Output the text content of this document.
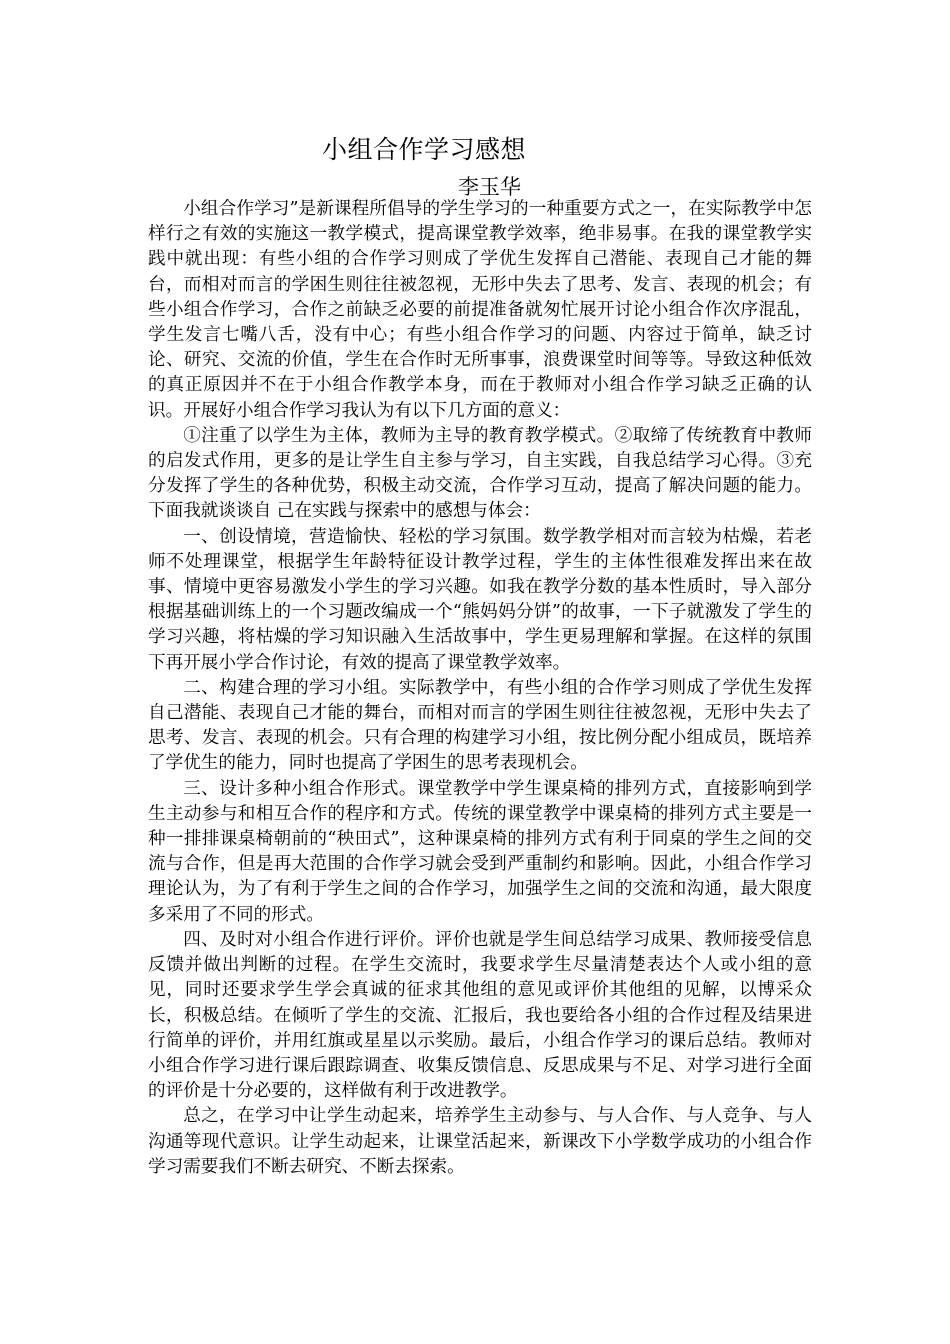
小组合作学习感想
李玉华

小组合作学习”是新课程所倡导的学生学习的一种重要方式之一，在实际教学中怎样行之有效的实施这一教学模式，提高课堂教学效率，绝非易事。在我的课堂教学实践中就出现：有些小组的合作学习则成了学优生发挥自己潜能、表现自己才能的舞台，而相对而言的学困生则往往被忽视，无形中失去了思考、发言、表现的机会；有些小组合作学习，合作之前缺乏必要的前提准备就匆忙展开讨论小组合作次序混乱，学生发言七嘴八舌，没有中心；有些小组合作学习的问题、内容过于简单，缺乏讨论、研究、交流的价值，学生在合作时无所事事，浪费课堂时间等等。导致这种低效的真正原因并不在于小组合作教学本身，而在于教师对小组合作学习缺乏正确的认识。开展好小组合作学习我认为有以下几方面的意义：

①注重了以学生为主体，教师为主导的教育教学模式。②取缔了传统教育中教师的启发式作用，更多的是让学生自主参与学习，自主实践，自我总结学习心得。③充分发挥了学生的各种优势，积极主动交流，合作学习互动，提高了解决问题的能力。下面我就谈谈自 己在实践与探索中的感想与体会：

一、创设情境，营造愉快、轻松的学习氛围。数学教学相对而言较为枯燥，若老师不处理课堂，根据学生年龄特征设计教学过程，学生的主体性很难发挥出来在故事、情境中更容易激发小学生的学习兴趣。如我在教学分数的基本性质时，导入部分根据基础训练上的一个习题改编成一个“熊妈妈分饼”的故事，一下子就激发了学生的学习兴趣，将枯燥的学习知识融入生活故事中，学生更易理解和掌握。在这样的氛围下再开展小学合作讨论，有效的提高了课堂教学效率。

二、构建合理的学习小组。实际教学中，有些小组的合作学习则成了学优生发挥自己潜能、表现自己才能的舞台，而相对而言的学困生则往往被忽视，无形中失去了思考、发言、表现的机会。只有合理的构建学习小组，按比例分配小组成员，既培养了学优生的能力，同时也提高了学困生的思考表现机会。

三、设计多种小组合作形式。课堂教学中学生课桌椅的排列方式，直接影响到学生主动参与和相互合作的程序和方式。传统的课堂教学中课桌椅的排列方式主要是一种一排排课桌椅朝前的“秧田式”，这种课桌椅的排列方式有利于同桌的学生之间的交流与合作，但是再大范围的合作学习就会受到严重制约和影响。因此，小组合作学习理论认为，为了有利于学生之间的合作学习，加强学生之间的交流和沟通，最大限度多采用了不同的形式。

四、及时对小组合作进行评价。评价也就是学生间总结学习成果、教师接受信息反馈并做出判断的过程。在学生交流时，我要求学生尽量清楚表达个人或小组的意见，同时还要求学生学会真诚的征求其他组的意见或评价其他组的见解，以博采众长，积极总结。在倾听了学生的交流、汇报后，我也要给各小组的合作过程及结果进行简单的评价，并用红旗或星星以示奖励。最后，小组合作学习的课后总结。教师对小组合作学习进行课后跟踪调查、收集反馈信息、反思成果与不足、对学习进行全面的评价是十分必要的，这样做有利于改进教学。

总之，在学习中让学生动起来，培养学生主动参与、与人合作、与人竞争、与人沟通等现代意识。让学生动起来，让课堂活起来，新课改下小学数学成功的小组合作学习需要我们不断去研究、不断去探索。
